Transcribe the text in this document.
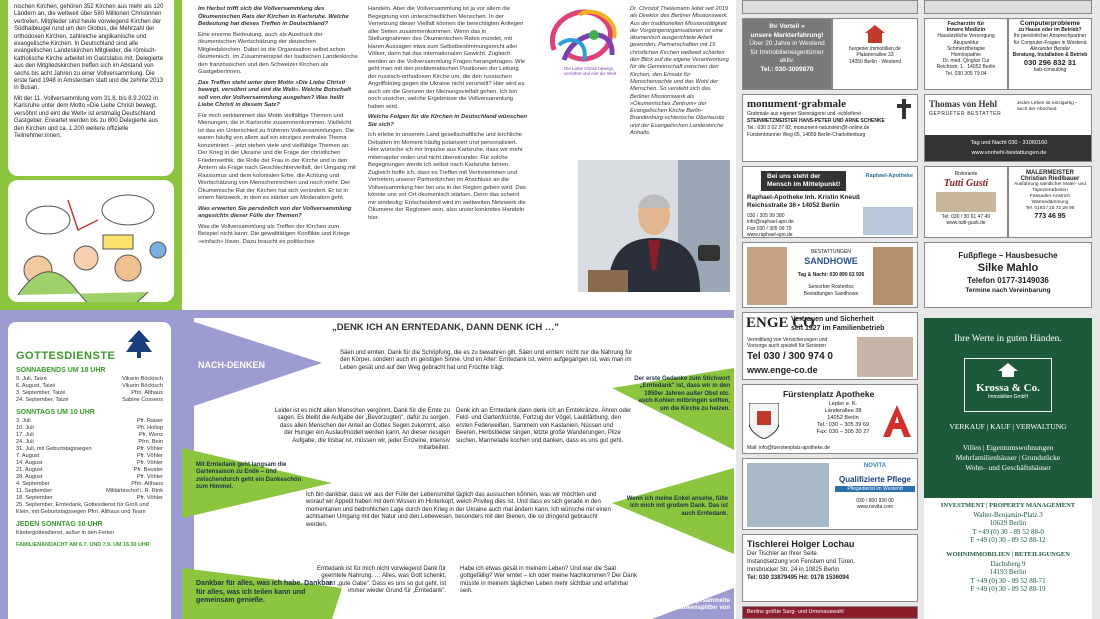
nischen Kirchen, gehören 352 Kirchen aus mehr als 120 Ländern an, die weltweit über 580 Millionen Christinnen vertreten. Mitglieder sind heute vorwiegend Kirchen der Südhalbkugel rund um den Globus, die Mehrzahl der orthodoxen Kirchen, zahlreiche anglikanische und evangelische Kirchen. In Deutschland sind alle evangelischen Landeskirchen Mitglieder, die römisch-katholische Kirche arbeitet im Gaststatus mit. Delegierte aus den Mitgliedskirchen treffen sich im Abstand von sechs bis acht Jahren zu einer Vollversammlung. Die erste fand 1948 in Amsterdam statt und die zehnte 2013 in Busan.

Mit der 11. Vollversammlung vom 31.8. bis 8.9.2022 in Karlsruhe unter dem Motto »Die Liebe Christi bewegt, versöhnt und eint die Welt« ist erstmalig Deutschland Gastgeber. Erwartet werden bis zu 800 Delegierte aus den Kirchen und ca. 1.200 weitere offizielle Teilnehmer:innen.

GOTTESDIENSTE
SONNABENDS UM 18 UHR
9. Juli, Taizé	Vikarin Böckisch
6. August, Taizé	Vikarin Böckisch
3. September, Taizé	Pfrn. Althaus
24. September, Taizé	Sabine Cossens
SONNTAGS UM 10 UHR
3. Juli	Pfr. Raiser
10. Juli	Pfr. Hollop
17. Juli	Pfr. Wenz
24. Juli	Pfrn. Bein
31. Juli, mit Geburtstagssegen	Pfr. Vöhler
7. August	Pfr. Vöhler
14. August	Pfr. Vöhler
21. August	Pfr. Beuster
28. August	Pfr. Vöhler
4. September	Pfrn. Althaus
11. September	Militärbischof i. R. Rink
18. September	Pfr. Vöhler
25. September, Erntedank, Gottesdienst für Groß und Klein, mit Geburtstagssegen Pfrn. Althaus und Team
JEDEN SONNTAG 10 UHR
Kindergottesdienst, außer in den Ferien
FAMILIENANDACHT AM 6.7. UND 7.9. UM 16.30 UHR

Im Herbst trifft sich die Vollversammlung des Ökumenischen Rats der Kirchen in Karlsruhe. Welche Bedeutung hat dieses Treffen in Deutschland?

Eine enorme Bedeutung, auch als Ausdruck der ökumenischen Wertschätzung der deutschen Mitgliedskirchen. Dabei ist die Organisation selbst schon ökumenisch. Im Zusammenspiel der badischen Landeskirche den französischen und den Schweizer Kirchen als Gastgeberinnen.

Das Treffen steht unter dem Motto »Die Liebe Christi bewegt, versöhnt und eint die Welt«. Welche Botschaft soll von der Vollversammlung ausgehen? Was heißt Liebe Christi in diesem Satz?

Für mich verklammert das Motto vielfältige Themen und Meinungen, die in Karlsruhe zusammenkommen. Vielleicht ist das ein Unterschied zu früheren Vollversammlungen. Die waren häufig von allem auf ein einziges zentrales Thema konzentriert – jetzt stehen viele und vielfältige Themen an: Der Krieg in der Ukraine und die Frage der christlichen Friedensethik, die Rolle der Frau in der Kirche und in den Ämtern als Frage nach Geschlechtervielfalt, der Umgang mit Rassismus und dem kolonialen Erbe, die Achtung und Wertschätzung von Menschenrechten und noch mehr. Der Ökumenische Rat der Kirchen hat sich verändert. Er ist in einem Netzwerk, in dem es stärker um Moderation geht.

Was erwarten Sie persönlich von der Vollversammlung angesichts dieser Fülle der Themen?

Was die Vollversammlung als Treffen der Kirchen zum Beispiel nicht kann: Die gewalttätigen Konflikte und Kriege »einfach« lösen. Dazu braucht es politisches

Handeln. Aber die Vollversammlung ist ja vor allem die Begegnung von unterschiedlichen Menschen. In der Vernetzung dieser Vielfalt können die berechtigten Anliegen aller Seiten zusammenkommen. Wenn das in Stellungnahmen des Ökumenischen Rates mündet, mit klaren Aussagen etwa zum Selbstbestimmungsrecht aller Völker, dann hat das internationalen Gewicht. Zugleich werden an die Vollversammlung Fragen herangetragen. Wie geht man mit den problematischen Positionen der Leitung der russisch-orthodoxen Kirche um, die den russischen Angriffskrieg gegen die Ukraine nicht verurteilt? Hier wird es auch um die Grenzen der Meinungsvielfalt gehen. Ich bin noch unsicher, welche Ergebnisse die Vollversammlung haben wird.

Welche Folgen für die Kirchen in Deutschland wünschen Sie sich?

Ich erlebe in unserem Land gesellschaftliche und kirchliche Debatten im Moment häufig polarisiert und personalisiert. Hier wünsche ich mir Impulse aus Karlsruhe, dass wir mehr miteinander reden und nicht übereinander. Für solche Begegnungen werde ich selbst nach Karlsruhe fahren. Zugleich hoffe ich, dass es Treffen mit Vertreterinnen und Vertretern unserer Partnerkirchen im Anschluss an die Vollversammlung hier bei uns in der Region geben wird. Das könnte uns vor Ort ökumenisch stärken. Denn das scheint mir eindeutig: Entscheidend wird im weltweiten Netzwerk die Ökumene der Regionen sein, also unser konkretes Handeln hier.

Die Liebe Christi bewegt, versöhnt und eint die Welt
Dr. Christof Theilemann leitet seit 2019 als Direktor des Berliner Missionswerk. Aus der traditionellen Missionstätigkeit der Vorgängerorganisationen ist eine ökumenisch ausgerichtete Arbeit geworden. Partnerschaften mit 15 christlichen Kirchen weltweit schärfen den Blick auf die eigene Verantwortung für die Gemeinschaft zwischen den Kirchen, den Einsatz für Menschenrechte und das Wohl der Menschen. So versteht sich das Berliner Missionswerk als »Ökumenisches Zentrum« der Evangelischen Kirche Berlin-Brandenburg-schlesische Oberlausitz und der Evangelischen Landeskirche Anhalts.
NACH-DENKEN
„DENK ICH AN ERNTEDANK, DANN DENK ICH …"
Säen und ernten: Dank für die Schöpfung, die es zu bewahren gilt. Säen und ernten: nicht nur die Nahrung für den Körper, sondern auch im geistigen Sinne. Und im Alter: Erntedank ist, wenn aufgegangen ist, was man im Leben gesät und auf den Weg gebracht hat und Früchte trägt.
Der erste Gedanke zum Stichwort „Erntedank" ist, dass wir in den 1950er Jahren außer Obst etc. auch Kohlen mitbringen sollten, um die Kirche zu heizen.
Leider ist es nicht allen Menschen vergönnt, Dank für die Ernte zu sagen. Es bleibt die Aufgabe der „Bevorzugten", dafür zu sorgen, dass allen Menschen der Anteil an Gottes Segen zukommt, also der Hunger ein Auslaufmodell werden kann. An dieser riesigen Aufgabe, die lösbar ist, müssen wir, jeder Einzelne, intensiv mitarbeiten.
Denk ich an Erntedank dann denk ich an Erntekränze, Ähren oder Feld- und Gartenfrüchte, Fortzug der Vögel, Laubfärbung, den ersten Federweißen, Sammeln von Kastanien, Nüssen und Beeren, Herbstlieder singen, letzte große Wanderungen, Pilze suchen, Marmelade kochen und danken, dass es uns gut geht.
Mit Erntedank geht langsam die Gartensaison zu Ende – und zwischendurch geht ein Dankeschön zum Himmel.
Ich bin dankbar, dass wir aus der Fülle der Lebensmittel täglich das aussuchen können, was wir möchten und worauf wir Appetit haben mit dem Wissen im Hinterkopf, welch Privileg dies ist. Und dass es sich gerade in den momentanen und bedrohlichen Lage durch den Krieg in der Ukraine auch mal ändern kann. Ich wünsche mir einen achtsamen Umgang mit der Natur und den Lebewesen, besonders mit den Bienen, die so dringend gebraucht werden.
Wenn ich meine Enkel ansehe, fülle ich mich mit großem Dank. Das ist auch Erntedank.
Dankbar für alles, was ich habe. Dankbar für alles, was ich teilen kann und gemeinsam genieße.
Erntedank ist für mich nicht vorwiegend Dank für geerntete Nahrung. … Alles, was Gott schenkt, ist „gute Gabe". Dass es uns so gut geht, ist immer wieder Grund für „Erntedank".
Habe ich etwas gesät in meinem Leben? Und war die Saat gottgefällig? Wer erntet – ich oder meine Nachkommen? Der Dank müsste in meinem täglichen Leben mehr sichtbar und erfahrbar sein.
Eingesammelte Gedankensplitter von
Ihr Vorteil »
unsere Markterfahrung!
Über 20 Jahre in Westend
für Immobilieneigentümer
aktiv.
Tel.: 030-3009870
fuegener.immobilien.de
Platanenallee 33
14050 Berlin · Westend
Facharztin für
Innere Medizin
Hausärztliche Versorgung
Akupunktur
Schmerztherapie
Homöopathie
Dr. med. Qingluo Cui
Reichsstr. 1 · 14052 Berlin
Tel. 030 305 79 04
Computerprobleme
zu Hause oder im Betrieb?
Ihr persönlicher Ansprechpartner
für Computer-Fragen in Westend
Alexander Bender
Beratung, Installation & Betrieb
030 296 832 31
bab-consulting
monument·grabmale
Grabmale aus eigener Steinsägerei und -schleiferei
STEINMETZMEISTER HANS-PETER UND ARNE SCHENKE
Tel.: 030 3 02 27 82, monument-naturstein@t-online.de
Fürstenbrunner Weg 65, 14059 Berlin-Charlottenburg
Thomas von Hehl
GEPRÜFTER BESTATTER
Jedes Leben ist einzigartig – auch der Abschied.
Tag und Nacht 030 - 31060160
www.vonhehl-bestattungen.de
Bei uns steht der
Mensch im Mittelpunkt!
Raphael-Apotheke
Raphael-Apotheke Inh. Kristin Kneuß
Reichsstraße 36 • 14052 Berlin
030 / 305 99 380
info@raphael-apo.de
Fax 030 / 305 99 79
www.raphael-apo.de
Ristorante
Tutti Gusti
Tel: 030 / 30 61 47 49
www.tutti-gusti.de
MALERMEISTER
Christian Riedlbauer
Ausführung sämtlicher Maler- und Tapezierarbeiten
Fassaden-Anstrich
Wärmedämmung
Tel. 0163 / 25 72 26 95
773 46 95
BESTATTUNGEN
SANDHOWE
Tag & Nacht: 030 890 63 936
Seniorber Rostenlos
Bestattungen Sandhowe
Fußpflege – Hausbesuche
Silke Mahlo
Telefon 0177-3149036
Termine nach Vereinbarung
ENGE CO
Vertrauen und Sicherheit
seit 1927 im Familienbetrieb
Vermittlung von Versicherungen und
Vorsorge auch speziell für Senioren
Tel 030 / 300 974 0
www.enge-co.de
Fürstenplatz Apotheke
Lepler e. K.
Länderallee 38
14052 Berlin
Tel.: 030 – 305 39 69
Fax: 030 – 305 30 27
Mail: info@fuerstenplatz-apotheke.de
NOVITA
Qualifizierte Pflege
Pflegedienst im Westend
030 / 800 930 00
www.novita.com
Tischlerei Holger Lochau
Der Tischler an Ihrer Seite.
Instandsetzung von Fenstern und Türen.
Innsbrucker Str. 24 in 10825 Berlin
Tel: 030 33879495 Hd: 0178 1536094
Berlins größte Sarg- und Urnenauswahl
Ihre Werte in guten Händen.
Krossa & Co.
Immobilien GmbH
VERKAUF | KAUF | VERWALTUNG
Villen | Eigentumswohnungen
Mehrfamilienhäuser | Grundstücke
Wohn– und Geschäftshäuser
INVESTMENT | PROPERTY MANAGEMENT
Walter-Benjamin-Platz 3
10629 Berlin
T +49 (0) 30 - 89 52 88-0
F +49 (0) 30 - 89 52 88-12
WOHNIMMOBILIEN | BETEILIGUNGEN
Dachsberg 9
14193 Berlin
T +49 (0) 30 - 89 52 88-71
F +49 (0) 30 - 89 52 88-19
